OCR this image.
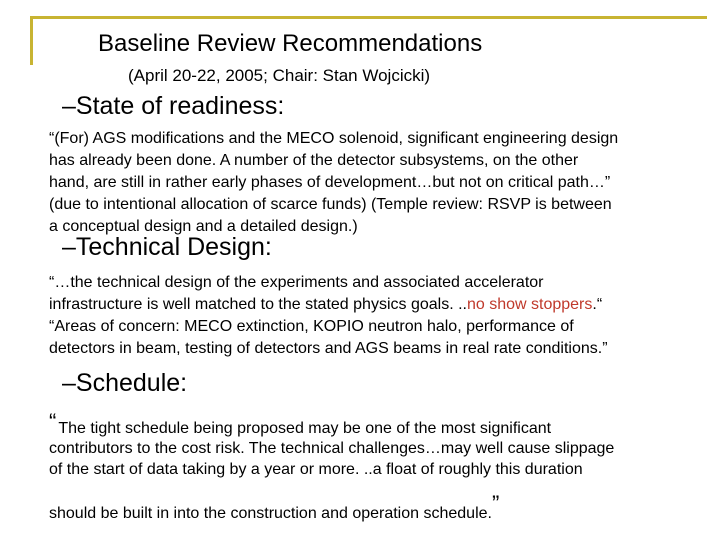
Baseline Review Recommendations
(April 20-22, 2005; Chair: Stan Wojcicki)
–State of readiness:
“(For) AGS modifications and the MECO solenoid, significant engineering design
has already been done. A number of the detector subsystems, on the other
hand, are still in rather early phases of development…but not on critical path…”
(due to intentional allocation of scarce funds) (Temple review: RSVP is between
a conceptual design and a detailed design.)
–Technical Design:
“…the technical design of the experiments and associated accelerator
infrastructure is well matched to the stated physics goals. ..no show stoppers.“
“Areas of concern: MECO extinction, KOPIO neutron halo, performance of
detectors in beam, testing of detectors and AGS beams in real rate conditions.”
–Schedule:
“ The tight schedule being proposed may be one of the most significant
contributors to the cost risk. The technical challenges…may well cause slippage
of the start of data taking by a year or more. ..a float of roughly this duration
should be built in into the construction and operation schedule.”
